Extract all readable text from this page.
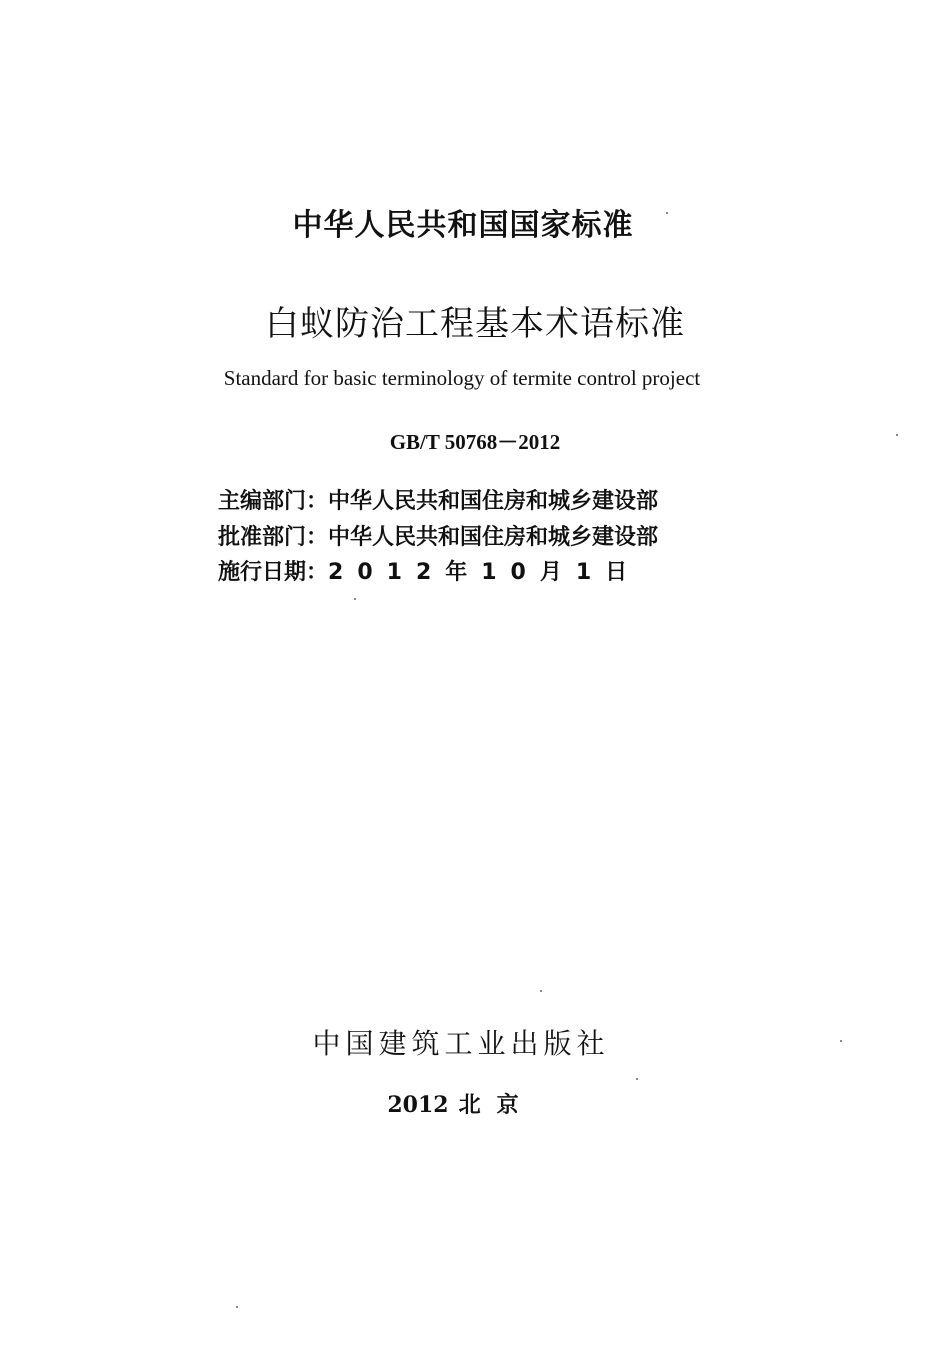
中华人民共和国国家标准
白蚁防治工程基本术语标准
Standard for basic terminology of termite control project
GB/T 50768－2012
主编部门：中华人民共和国住房和城乡建设部
批准部门：中华人民共和国住房和城乡建设部
施行日期：2012年10月1日
中国建筑工业出版社
2012 北京
